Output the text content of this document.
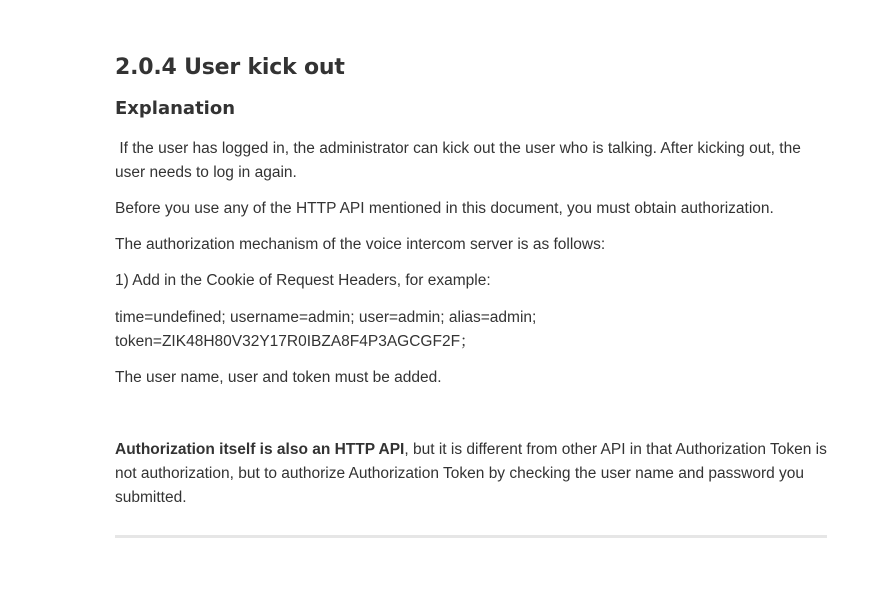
2.0.4 User kick out
Explanation

If the user has logged in, the administrator can kick out the user who is talking. After kicking out, the user needs to log in again.

Before you use any of the HTTP API mentioned in this document, you must obtain authorization.

The authorization mechanism of the voice intercom server is as follows:

1) Add in the Cookie of Request Headers, for example:

time=undefined; username=admin; user=admin; alias=admin;
token=ZIK48H80V32Y17R0IBZA8F4P3AGCGF2F；

The user name, user and token must be added.

Authorization itself is also an HTTP API, but it is different from other API in that Authorization Token is not authorization, but to authorize Authorization Token by checking the user name and password you submitted.
